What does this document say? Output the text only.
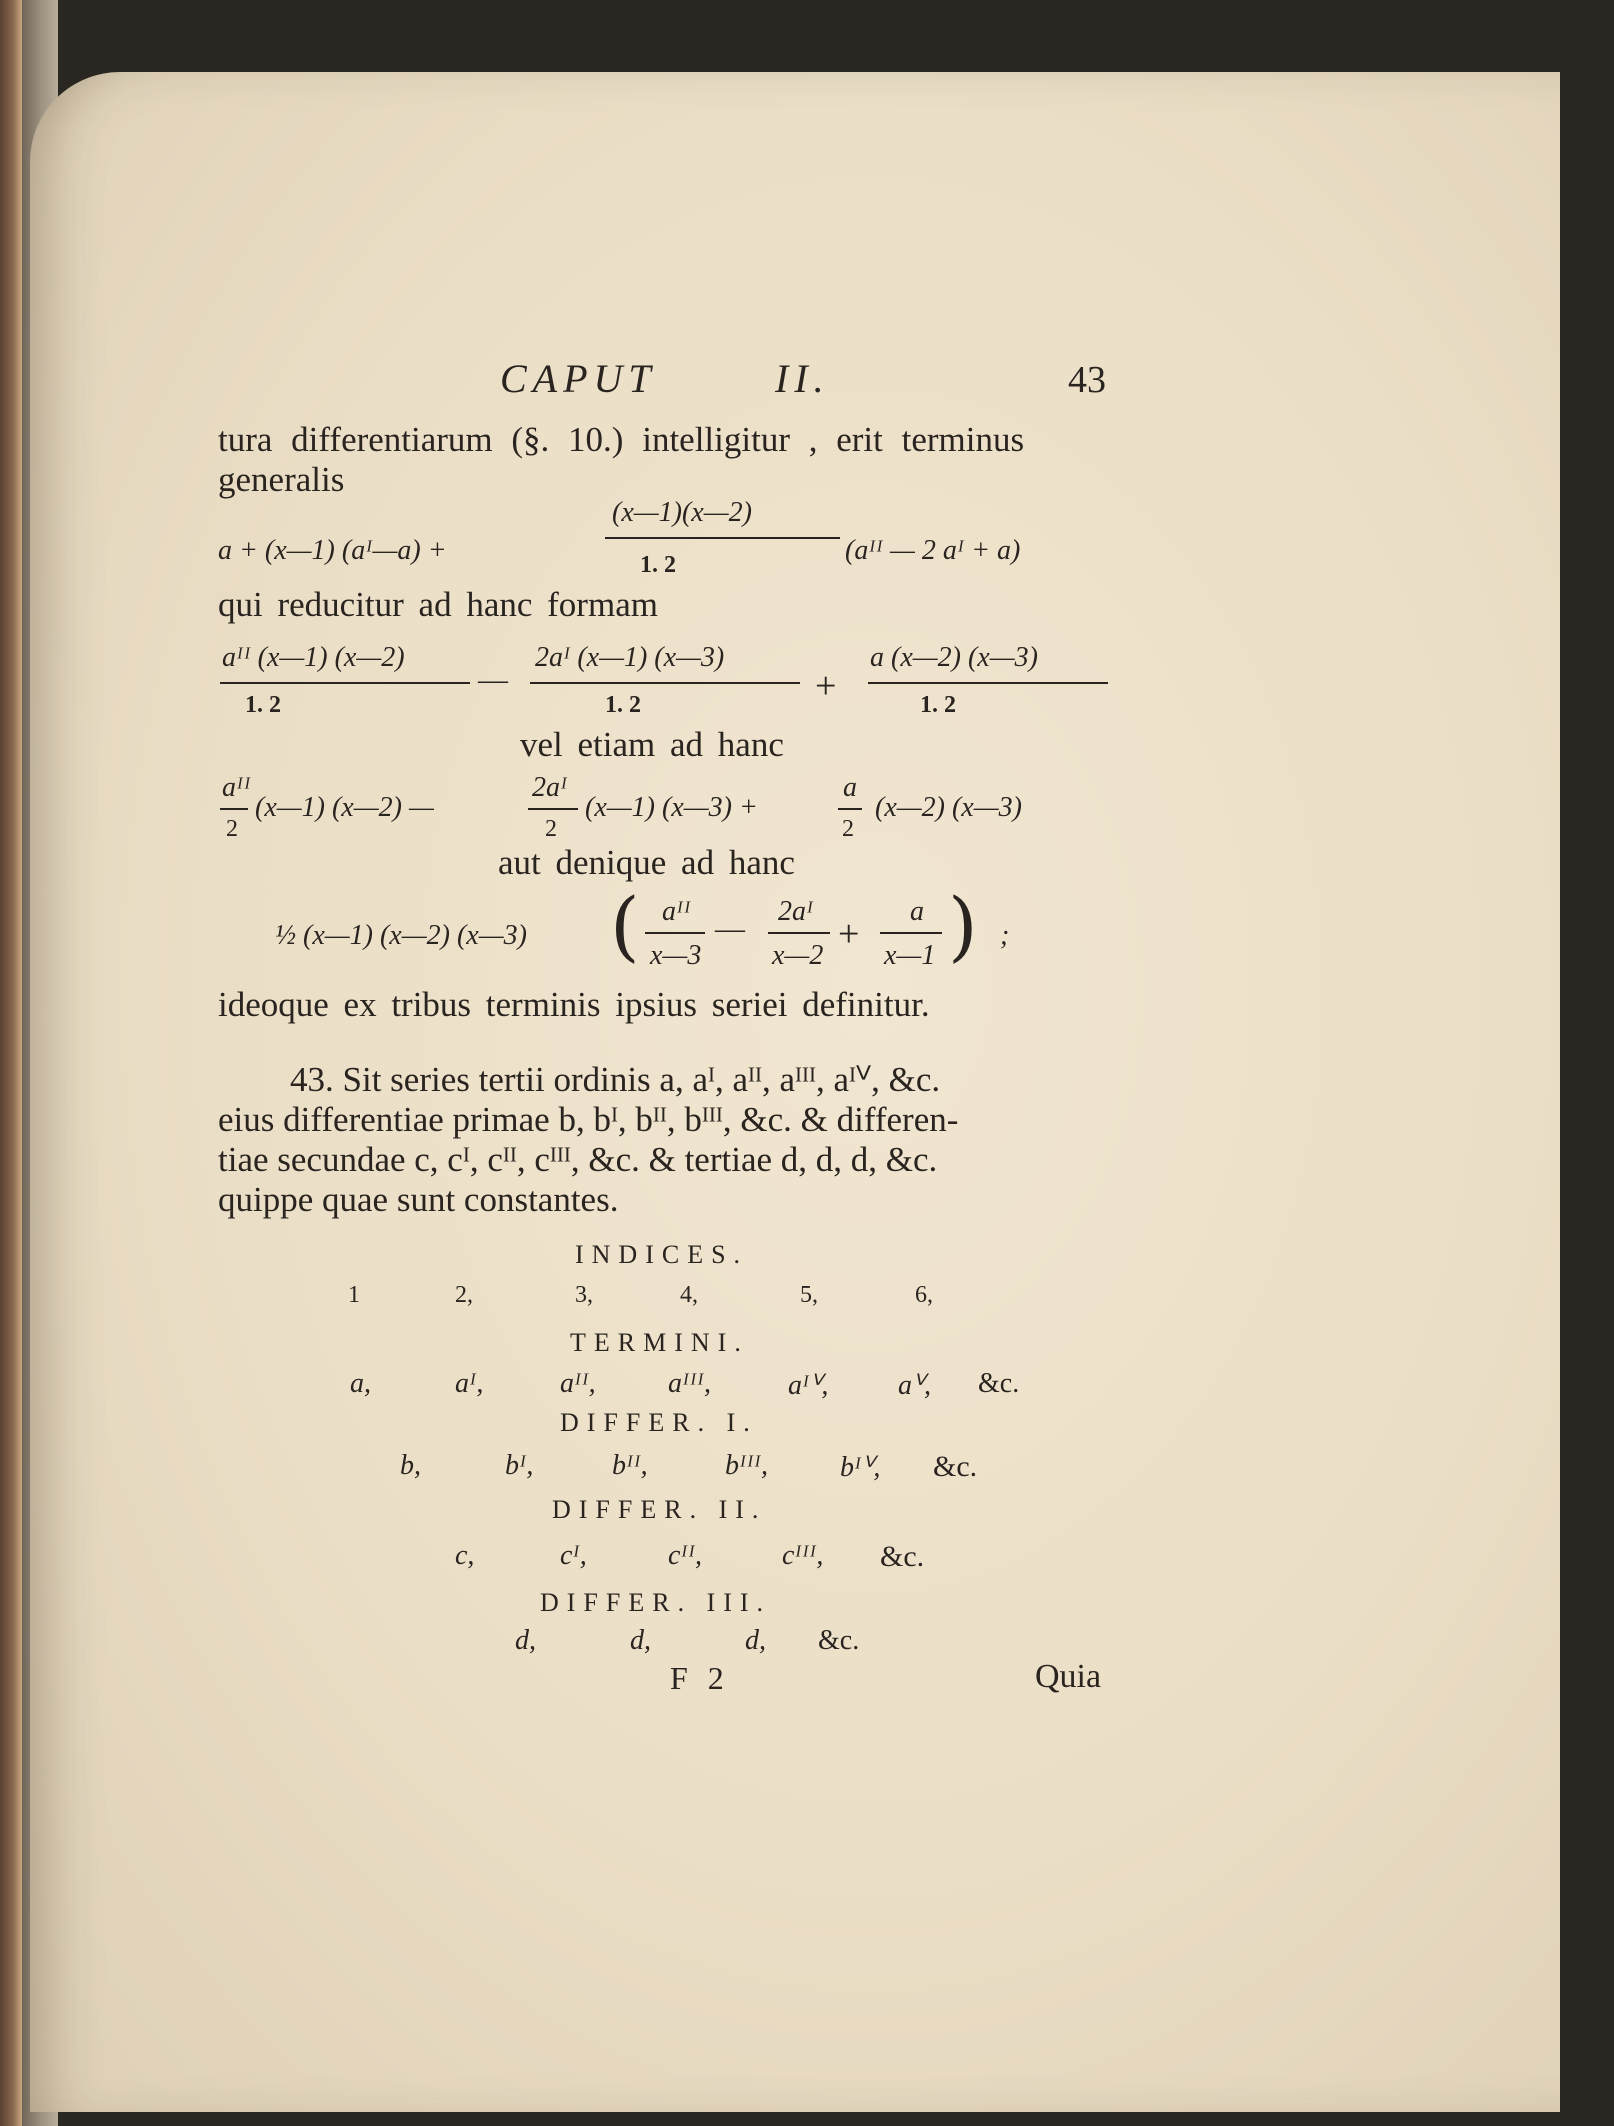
CAPUT	II.	43
tura differentiarum (§. 10.) intelligitur , erit terminus
generalis
a + (x—1) (aᴵ—a) +
(x—1)(x—2)
1. 2	(aᴵᴵ — 2 aᴵ + a)
qui reducitur ad hanc formam
aᴵᴵ (x—1) (x—2)
1. 2
—
2aᴵ (x—1) (x—3)
1. 2	+
a (x—2) (x—3)
1. 2
vel etiam ad hanc
aᴵᴵ
2
(x—1) (x—2) —
2aᴵ
2
(x—1) (x—3) +
a
2
(x—2) (x—3)
aut denique ad hanc
½ (x—1) (x—2) (x—3) ( aᴵᴵ
x—3
—
2aᴵ
x—2
+
a
x—1 ) ;
ideoque ex tribus terminis ipsius seriei definitur.
43. Sit series tertii ordinis a, aᴵ, aᴵᴵ, aᴵᴵᴵ, aᴵⱽ, &c.
eius differentiae primae b, bᴵ, bᴵᴵ, bᴵᴵᴵ, &c. & differen-
tiae secundae c, cᴵ, cᴵᴵ, cᴵᴵᴵ, &c. & tertiae d, d, d, &c.
quippe quae sunt constantes.
INDICES.
1	2,	3,	4,	5,	6,
TERMINI.
a,	aᴵ,	aᴵᴵ,	aᴵᴵᴵ,	aᴵⱽ, aⱽ, &c.
DIFFER. I.
b,	bᴵ,	bᴵᴵ,	bᴵᴵᴵ,	bᴵⱽ, &c.
DIFFER. II.
c,	cᴵ,	cᴵᴵ,	cᴵᴵᴵ, &c.
DIFFER. III.
d,	d,	d, &c.
F 2	Quia
